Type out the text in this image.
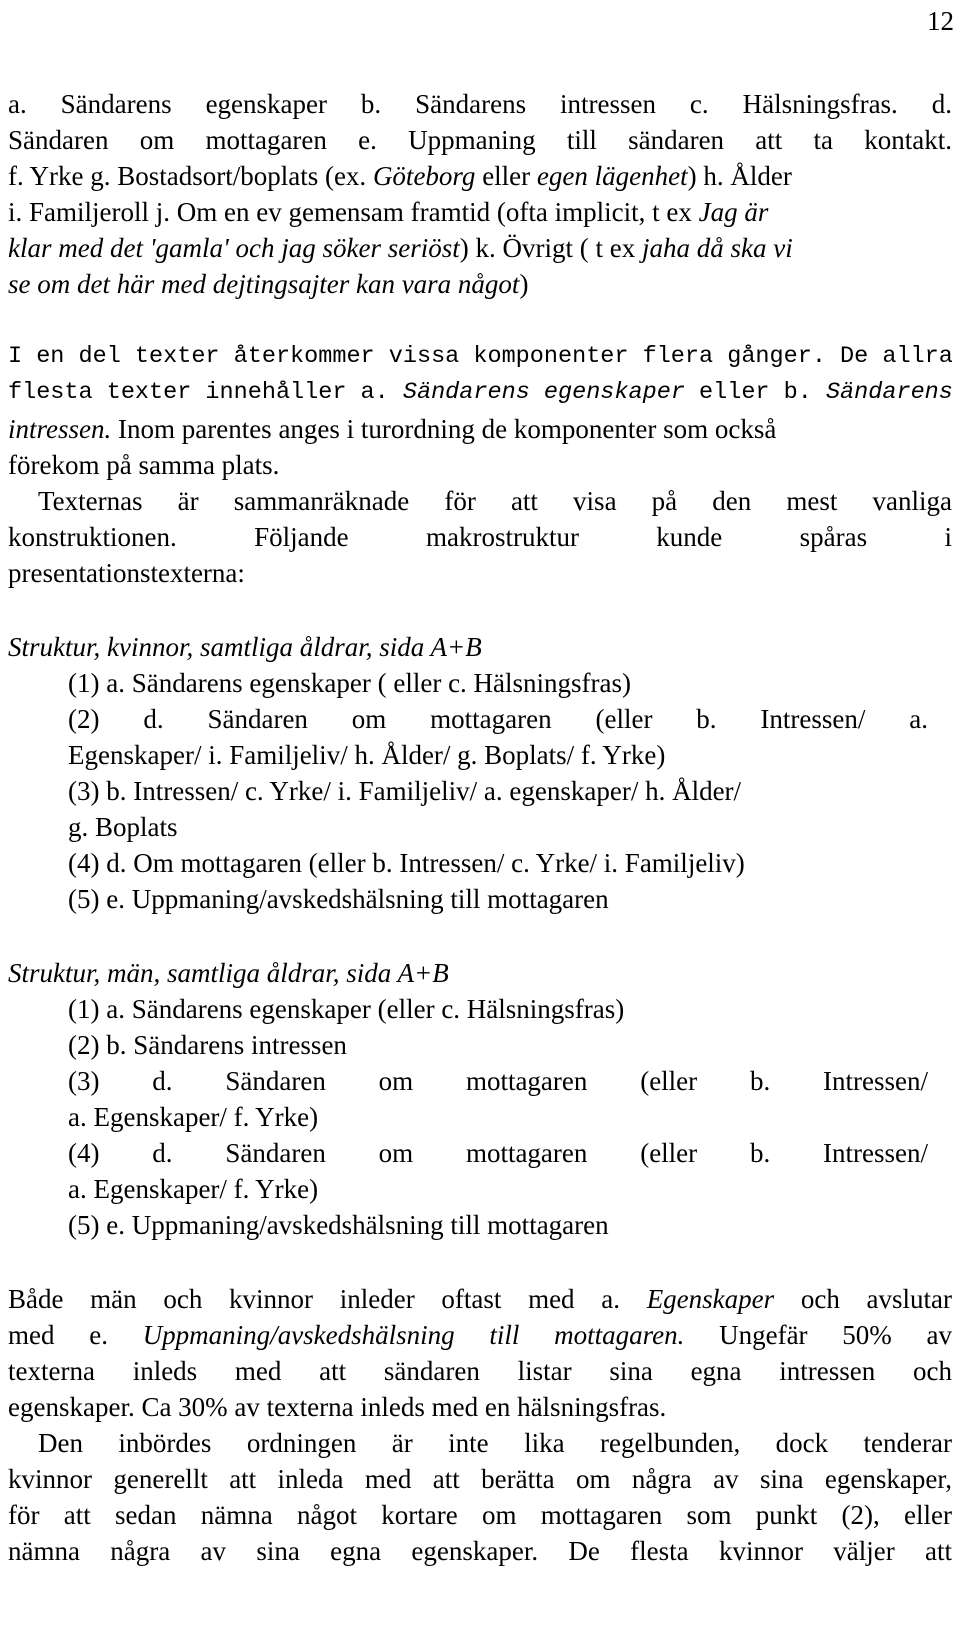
12
a. Sändarens egenskaper b. Sändarens intressen c. Hälsningsfras. d.
Sändaren om mottagaren e. Uppmaning till sändaren att ta kontakt.
f. Yrke g. Bostadsort/boplats (ex. Göteborg eller egen lägenhet) h. Ålder
i. Familjeroll j. Om en ev gemensam framtid (ofta implicit, t ex Jag är
klar med det 'gamla' och jag söker seriöst) k. Övrigt ( t ex jaha då ska vi
se om det här med dejtingsajter kan vara något)
I en del texter återkommer vissa komponenter flera gånger. De allra
flesta texter innehåller a. Sändarens egenskaper eller b. Sändarens
intressen. Inom parentes anges i turordning de komponenter som också
förekom på samma plats.
Texternas är sammanräknade för att visa på den mest vanliga
konstruktionen. Följande makrostruktur kunde spåras i
presentationstexterna:
Struktur, kvinnor, samtliga åldrar, sida A+B
(1) a. Sändarens egenskaper ( eller c. Hälsningsfras)
(2) d. Sändaren om mottagaren (eller b. Intressen/ a.
Egenskaper/ i. Familjeliv/ h. Ålder/ g. Boplats/ f. Yrke)
(3) b. Intressen/ c. Yrke/ i. Familjeliv/ a. egenskaper/ h. Ålder/
g. Boplats
(4) d. Om mottagaren (eller b. Intressen/ c. Yrke/ i. Familjeliv)
(5) e. Uppmaning/avskedshälsning till mottagaren
Struktur, män, samtliga åldrar, sida A+B
(1) a. Sändarens egenskaper (eller c. Hälsningsfras)
(2) b. Sändarens intressen
(3) d. Sändaren om mottagaren (eller b. Intressen/
a. Egenskaper/ f. Yrke)
(4) d. Sändaren om mottagaren (eller b. Intressen/
a. Egenskaper/ f. Yrke)
(5) e. Uppmaning/avskedshälsning till mottagaren
Både män och kvinnor inleder oftast med a. Egenskaper och avslutar
med e. Uppmaning/avskedshälsning till mottagaren. Ungefär 50% av
texterna inleds med att sändaren listar sina egna intressen och
egenskaper. Ca 30% av texterna inleds med en hälsningsfras.
Den inbördes ordningen är inte lika regelbunden, dock tenderar
kvinnor generellt att inleda med att berätta om några av sina egenskaper,
för att sedan nämna något kortare om mottagaren som punkt (2), eller
nämna några av sina egna egenskaper. De flesta kvinnor väljer att
